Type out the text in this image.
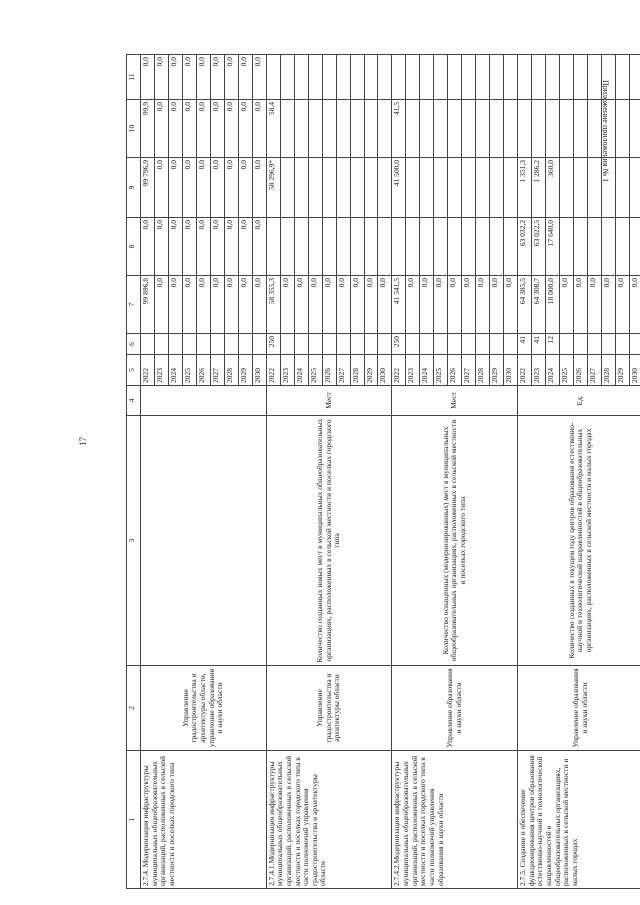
17
Приложение приложения № 1
1	2	3	4	5	6	7	8	9	10	11
2.7.4. Модернизация инфраструктуры муниципальных общеобразовательных организаций, расположенных в сельской местности и поселках городского типа	Управление градостроительства и архитектуры области, управление образования и науки области			2022		99 896,8	0,0	99 796,9	99,9	0,0
				2023		0,0	0,0	0,0	0,0	0,0
				2024		0,0	0,0	0,0	0,0	0,0
				2025		0,0	0,0	0,0	0,0	0,0
				2026		0,0	0,0	0,0	0,0	0,0
				2027		0,0	0,0	0,0	0,0	0,0
				2028		0,0	0,0	0,0	0,0	0,0
				2029		0,0	0,0	0,0	0,0	0,0
				2030		0,0	0,0	0,0	0,0	0,0
2.7.4.1.Модернизация инфраструктуры муниципальных общеобразовательных организаций, расположенных в сельской местности и поселках городского типа в части полномочий управления градостроительства и архитектуры области	Управление градостроительства и архитектуры области	Количество созданных новых мест в муниципальных общеобразовательных организациях, расположенных в сельской местности и поселках городского типа	Мест	2022	250	58 355,3		58 296,9*	58,4	
				2023		0,0				
				2024		0,0				
				2025		0,0				
				2026		0,0				
				2027		0,0				
				2028		0,0				
				2029		0,0				
				2030		0,0				
2.7.4.2.Модернизация инфраструктуры муниципальных общеобразовательных организаций, расположенных в сельской местности и поселках городского типа в части полномочий управления образования и науки области	Управление образования и науки области	Количество оснащенных (модернизированных) мест в муниципальных общеобразовательных организациях, расположенных в сельской местности и поселках городского типа	Мест	2022	250	41 541,5		41 500,0	41,5	
				2023		0,0				
				2024		0,0				
				2025		0,0				
				2026		0,0				
				2027		0,0				
				2028		0,0				
				2029		0,0				
				2030		0,0				
2.7.5. Создание и обеспечение функционирования центров образования естественно-научной и технологической направленностей в общеобразовательных организациях, расположенных в сельской местности и малых городах	Управление образования и науки области	Количество созданных в текущем году центров образования естественно-научной и технологической направленностей в общеобразовательных организациях, расположенных в сельской местности и малых городах	Ед.	2022	41	64 385,5	63 032,2	1 351,3		
				2023	41	64 308,7	63 022,5	1 286,2		
				2024	12	18 000,0	17 640,0	360,0		
				2025		0,0				
				2026		0,0				
				2027		0,0				
				2028		0,0				
				2029		0,0				
				2030		0,0				
